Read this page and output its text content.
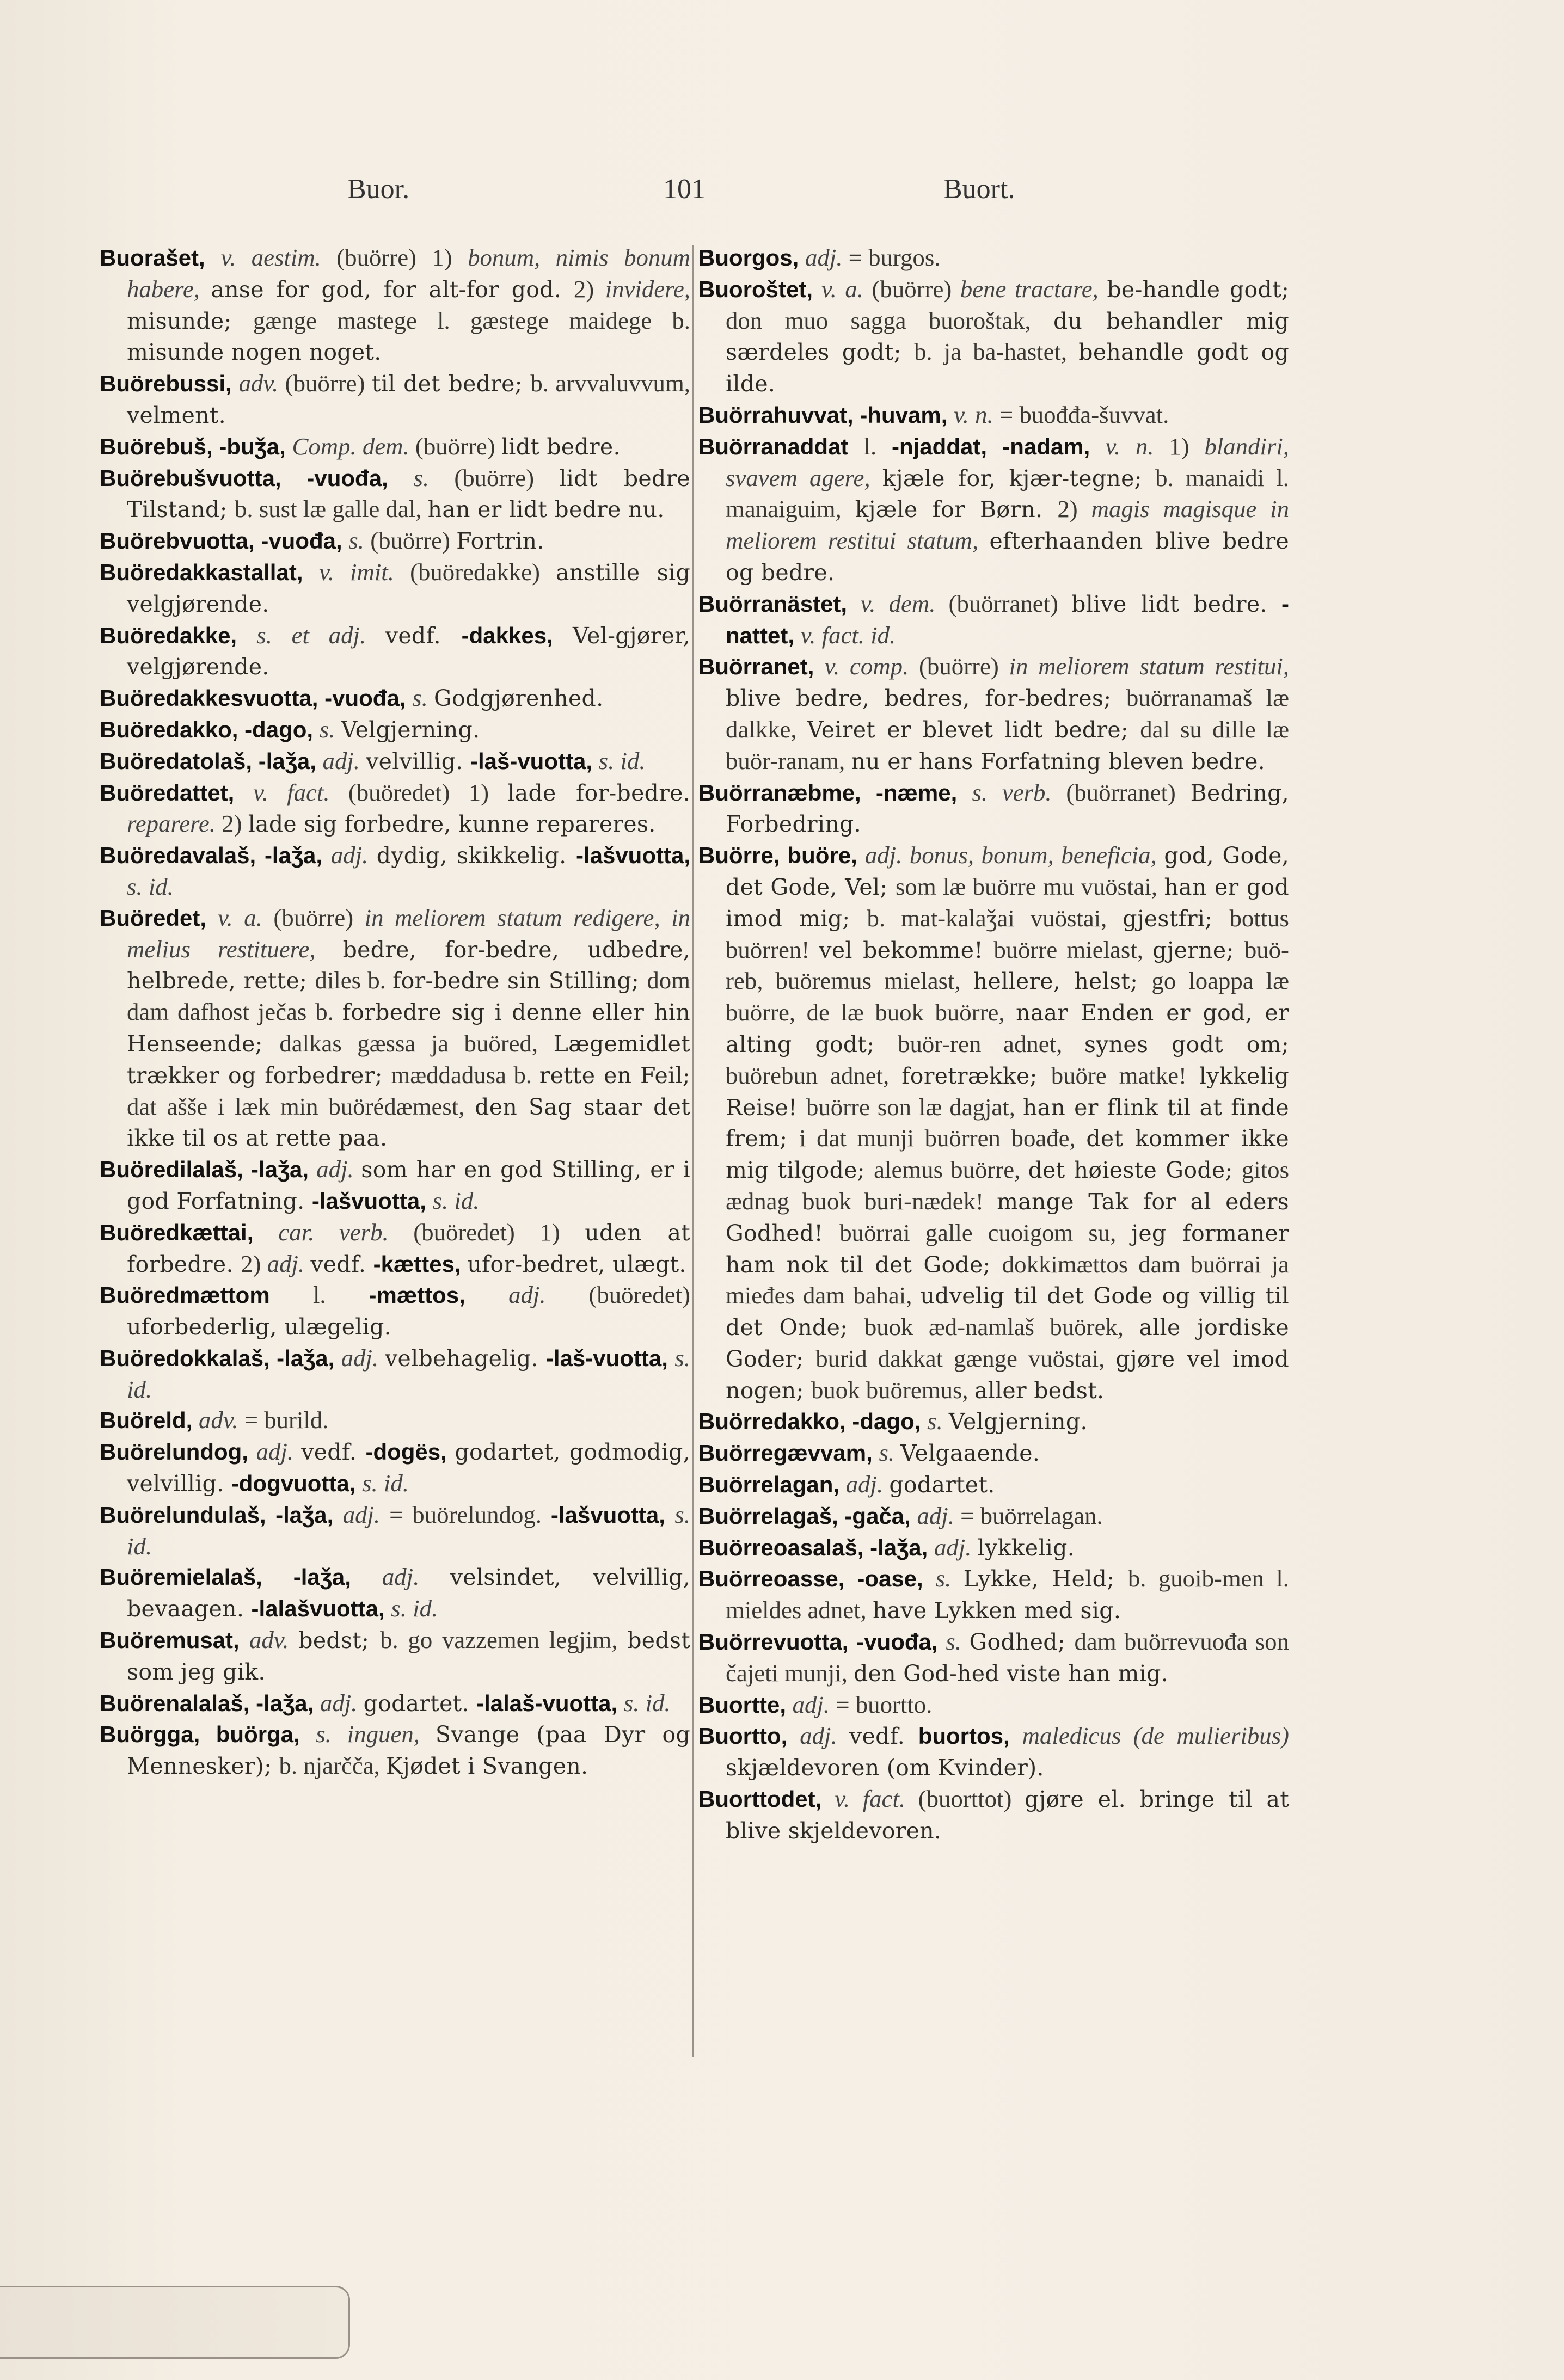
Buor.	101	Buort.

Buorašet, v. aestim. (buörre) 1) bonum, nimis bonum habere, anse for god, for alt-for god. 2) invidere, misunde; gænge mastege l. gæstege maidege b. misunde nogen noget.

Buörebussi, adv. (buörre) til det bedre; b. arvvaluvvum, velment.

Buörebuš, -buǯa, Comp. dem. (buörre) lidt bedre.

Buörebušvuotta, -vuođa, s. (buörre) lidt bedre Tilstand; b. sust læ galle dal, han er lidt bedre nu.

Buörebvuotta, -vuođa, s. (buörre) Fortrin.

Buöredakkastallat, v. imit. (buöredakke) anstille sig velgjørende.

Buöredakke, s. et adj. vedf. -dakkes, Vel-gjører, velgjørende.

Buöredakkesvuotta, -vuođa, s. Godgjørenhed.

Buöredakko, -dago, s. Velgjerning.

Buöredatolaš, -laǯa, adj. velvillig. -laš-vuotta, s. id.

Buöredattet, v. fact. (buöredet) 1) lade for-bedre. reparere. 2) lade sig forbedre, kunne repareres.

Buöredavalaš, -laǯa, adj. dydig, skikkelig. -lašvuotta, s. id.

Buöredet, v. a. (buörre) in meliorem statum redigere, in melius restituere, bedre, for-bedre, udbedre, helbrede, rette; diles b. for-bedre sin Stilling; dom dam dafhost ječas b. forbedre sig i denne eller hin Henseende; dalkas gæssa ja buöred, Lægemidlet trækker og forbedrer; mæddadusa b. rette en Feil; dat ašše i læk min buörédæmest, den Sag staar det ikke til os at rette paa.

Buöredilalaš, -laǯa, adj. som har en god Stilling, er i god Forfatning. -lašvuotta, s. id.

Buöredkættai, car. verb. (buöredet) 1) uden at forbedre. 2) adj. vedf. -kættes, ufor-bedret, ulægt.

Buöredmættom l. -mættos, adj. (buöredet) uforbederlig, ulægelig.

Buöredokkalaš, -laǯa, adj. velbehagelig. -laš-vuotta, s. id.

Buöreld, adv. = burild.

Buörelundog, adj. vedf. -dogës, godartet, godmodig, velvillig. -dogvuotta, s. id.

Buörelundulaš, -laǯa, adj. = buörelundog. -lašvuotta, s. id.

Buöremielalaš, -laǯa, adj. velsindet, velvillig, bevaagen. -lalašvuotta, s. id.

Buöremusat, adv. bedst; b. go vazzemen legjim, bedst som jeg gik.

Buörenalalaš, -laǯa, adj. godartet. -lalaš-vuotta, s. id.

Buörgga, buörga, s. inguen, Svange (paa Dyr og Mennesker); b. njarčča, Kjødet i Svangen.

Buorgos, adj. = burgos.

Buoroštet, v. a. (buörre) bene tractare, be-handle godt; don muo sagga buoroštak, du behandler mig særdeles godt; b. ja ba-hastet, behandle godt og ilde.

Buörrahuvvat, -huvam, v. n. = buođđa-šuvvat.

Buörranaddat l. -njaddat, -nadam, v. n. 1) blandiri, svavem agere, kjæle for, kjær-tegne; b. manaidi l. manaiguim, kjæle for Børn. 2) magis magisque in meliorem restitui statum, efterhaanden blive bedre og bedre.

Buörranästet, v. dem. (buörranet) blive lidt bedre. -nattet, v. fact. id.

Buörranet, v. comp. (buörre) in meliorem statum restitui, blive bedre, bedres, for-bedres; buörranamaš læ dalkke, Veiret er blevet lidt bedre; dal su dille læ buör-ranam, nu er hans Forfatning bleven bedre.

Buörranæbme, -næme, s. verb. (buörranet) Bedring, Forbedring.

Buörre, buöre, adj. bonus, bonum, beneficia, god, Gode, det Gode, Vel; som læ buörre mu vuöstai, han er god imod mig; b. mat-kalaǯai vuöstai, gjestfri; bottus buörren! vel bekomme! buörre mielast, gjerne; buö-reb, buöremus mielast, hellere, helst; go loappa læ buörre, de læ buok buörre, naar Enden er god, er alting godt; buör-ren adnet, synes godt om; buörebun adnet, foretrække; buöre matke! lykkelig Reise! buörre son læ dagjat, han er flink til at finde frem; i dat munji buörren boađe, det kommer ikke mig tilgode; alemus buörre, det høieste Gode; gitos ædnag buok buri-nædek! mange Tak for al eders Godhed! buörrai galle cuoigom su, jeg formaner ham nok til det Gode; dokkimættos dam buörrai ja mieđes dam bahai, udvelig til det Gode og villig til det Onde; buok æd-namlaš buörek, alle jordiske Goder; burid dakkat gænge vuöstai, gjøre vel imod nogen; buok buöremus, aller bedst.

Buörredakko, -dago, s. Velgjerning.

Buörregævvam, s. Velgaaende.

Buörrelagan, adj. godartet.

Buörrelagaš, -gača, adj. = buörrelagan.

Buörreoasalaš, -laǯa, adj. lykkelig.

Buörreoasse, -oase, s. Lykke, Held; b. guoib-men l. mieldes adnet, have Lykken med sig.

Buörrevuotta, -vuođa, s. Godhed; dam buörrevuođa son čajeti munji, den God-hed viste han mig.

Buortte, adj. = buortto.

Buortto, adj. vedf. buortos, maledicus (de mulieribus) skjældevoren (om Kvinder).

Buorttodet, v. fact. (buorttot) gjøre el. bringe til at blive skjeldevoren.
